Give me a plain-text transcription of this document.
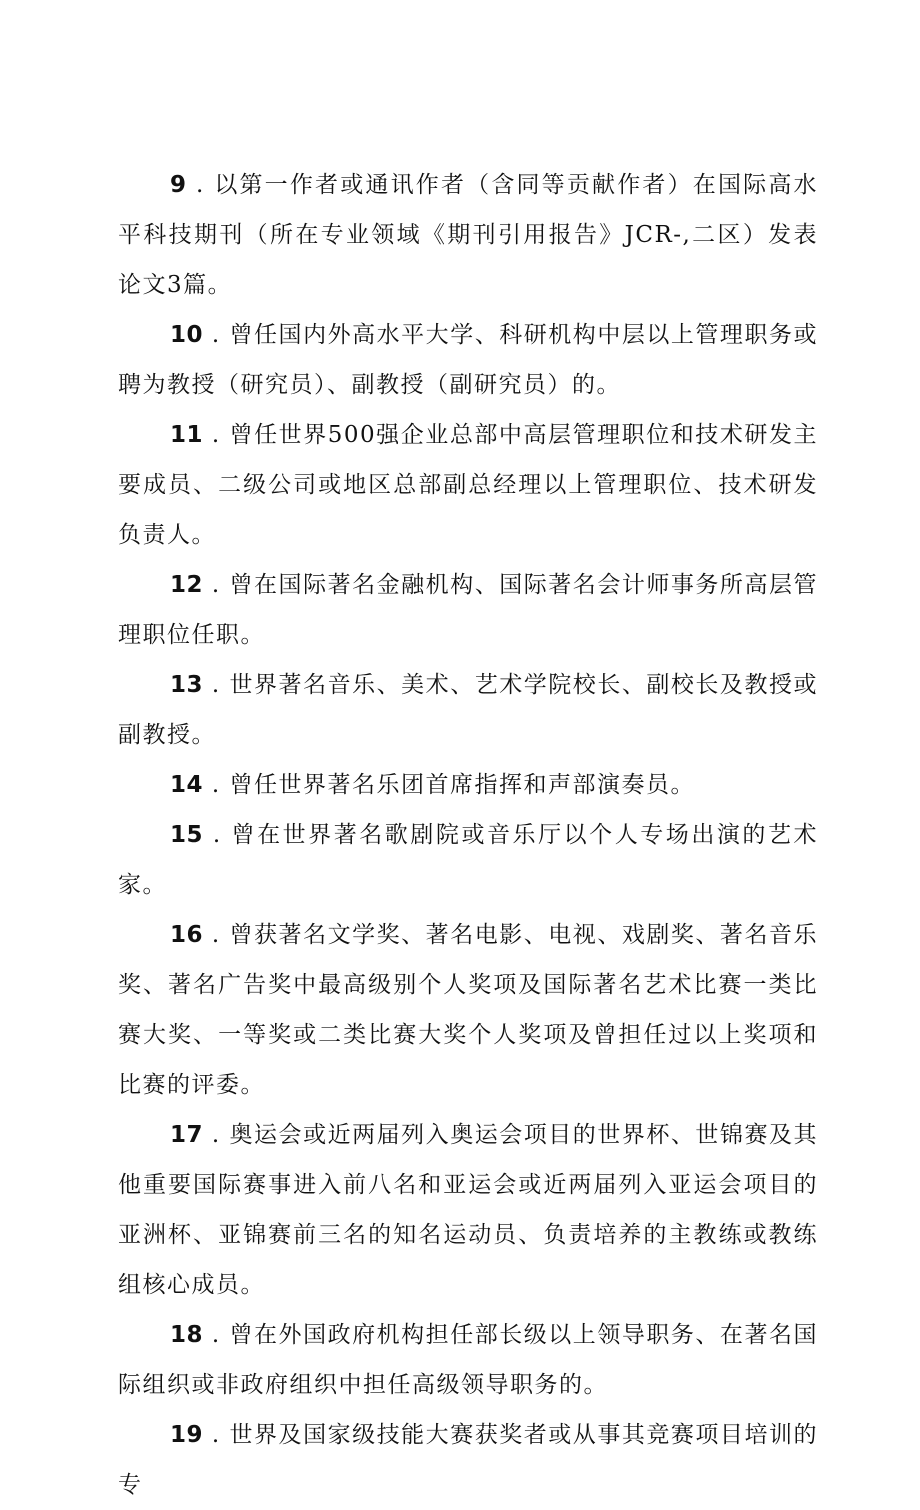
9 . 以第一作者或通讯作者（含同等贡献作者）在国际高水平科技期刊（所在专业领域《期刊引用报告》JCR-,二区）发表论文3篇。

10 . 曾任国内外高水平大学、科研机构中层以上管理职务或聘为教授（研究员）、副教授（副研究员）的。

11 . 曾任世界500强企业总部中高层管理职位和技术研发主要成员、二级公司或地区总部副总经理以上管理职位、技术研发负责人。

12 . 曾在国际著名金融机构、国际著名会计师事务所高层管理职位任职。

13 . 世界著名音乐、美术、艺术学院校长、副校长及教授或副教授。

14 . 曾任世界著名乐团首席指挥和声部演奏员。

15 . 曾在世界著名歌剧院或音乐厅以个人专场出演的艺术家。

16 . 曾获著名文学奖、著名电影、电视、戏剧奖、著名音乐奖、著名广告奖中最高级别个人奖项及国际著名艺术比赛一类比赛大奖、一等奖或二类比赛大奖个人奖项及曾担任过以上奖项和比赛的评委。

17 . 奥运会或近两届列入奥运会项目的世界杯、世锦赛及其他重要国际赛事进入前八名和亚运会或近两届列入亚运会项目的亚洲杯、亚锦赛前三名的知名运动员、负责培养的主教练或教练组核心成员。

18 . 曾在外国政府机构担任部长级以上领导职务、在著名国际组织或非政府组织中担任高级领导职务的。

19 . 世界及国家级技能大赛获奖者或从事其竞赛项目培训的专
